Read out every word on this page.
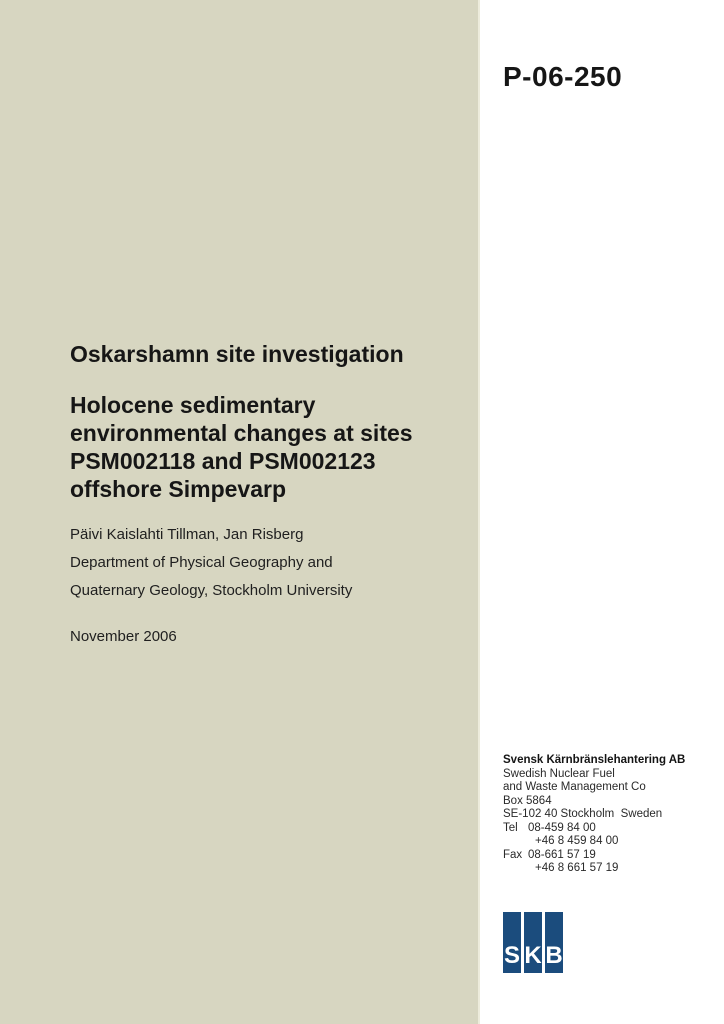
P-06-250
Oskarshamn site investigation
Holocene sedimentary
environmental changes at sites
PSM002118 and PSM002123
offshore Simpevarp
Päivi Kaislahti Tillman, Jan Risberg
Department of Physical Geography and
Quaternary Geology, Stockholm University
November 2006
Svensk Kärnbränslehantering AB
Swedish Nuclear Fuel
and Waste Management Co
Box 5864
SE-102 40 Stockholm  Sweden
Tel 08-459 84 00
+46 8 459 84 00
Fax 08-661 57 19
+46 8 661 57 19
S K B
